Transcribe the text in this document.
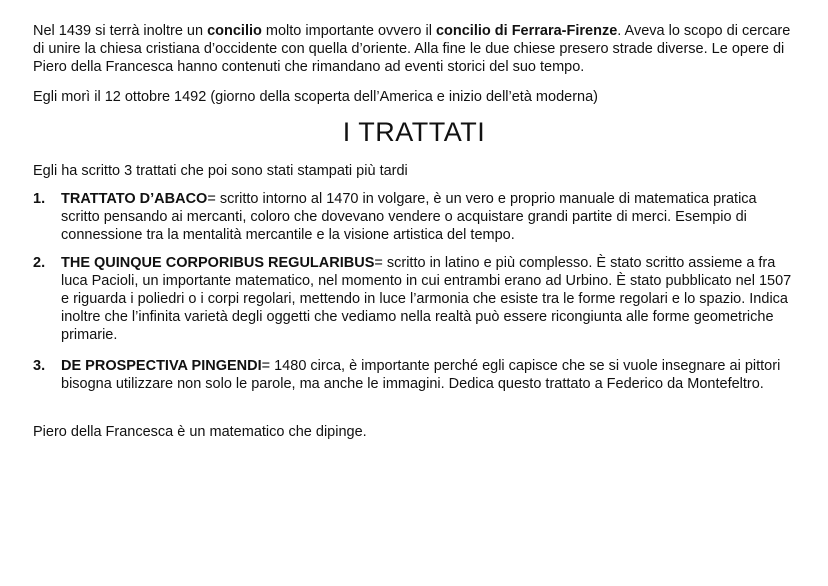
Nel 1439 si terrà inoltre un concilio molto importante ovvero il concilio di Ferrara-Firenze. Aveva lo scopo di cercare di unire la chiesa cristiana d’occidente con quella d’oriente. Alla fine le due chiese presero strade diverse. Le opere di Piero della Francesca hanno contenuti che rimandano ad eventi storici del suo tempo.

Egli morì il 12 ottobre 1492 (giorno della scoperta dell’America e inizio dell’età moderna)

I TRATTATI

Egli ha scritto 3 trattati che poi sono stati stampati più tardi

1. TRATTATO D’ABACO= scritto intorno al 1470 in volgare, è un vero e proprio manuale di matematica pratica scritto pensando ai mercanti, coloro che dovevano vendere o acquistare grandi partite di merci. Esempio di connessione tra la mentalità mercantile e la visione artistica del tempo.
2. THE QUINQUE CORPORIBUS REGULARIBUS= scritto in latino e più complesso. È stato scritto assieme a fra luca Pacioli, un importante matematico, nel momento in cui entrambi erano ad Urbino. È stato pubblicato nel 1507 e riguarda i poliedri o i corpi regolari, mettendo in luce l’armonia che esiste tra le forme regolari e lo spazio. Indica inoltre che l’infinita varietà degli oggetti che vediamo nella realtà può essere ricongiunta alle forme geometriche primarie.
3. DE PROSPECTIVA PINGENDI= 1480 circa, è importante perché egli capisce che se si vuole insegnare ai pittori bisogna utilizzare non solo le parole, ma anche le immagini. Dedica questo trattato a Federico da Montefeltro.

Piero della Francesca è un matematico che dipinge.
